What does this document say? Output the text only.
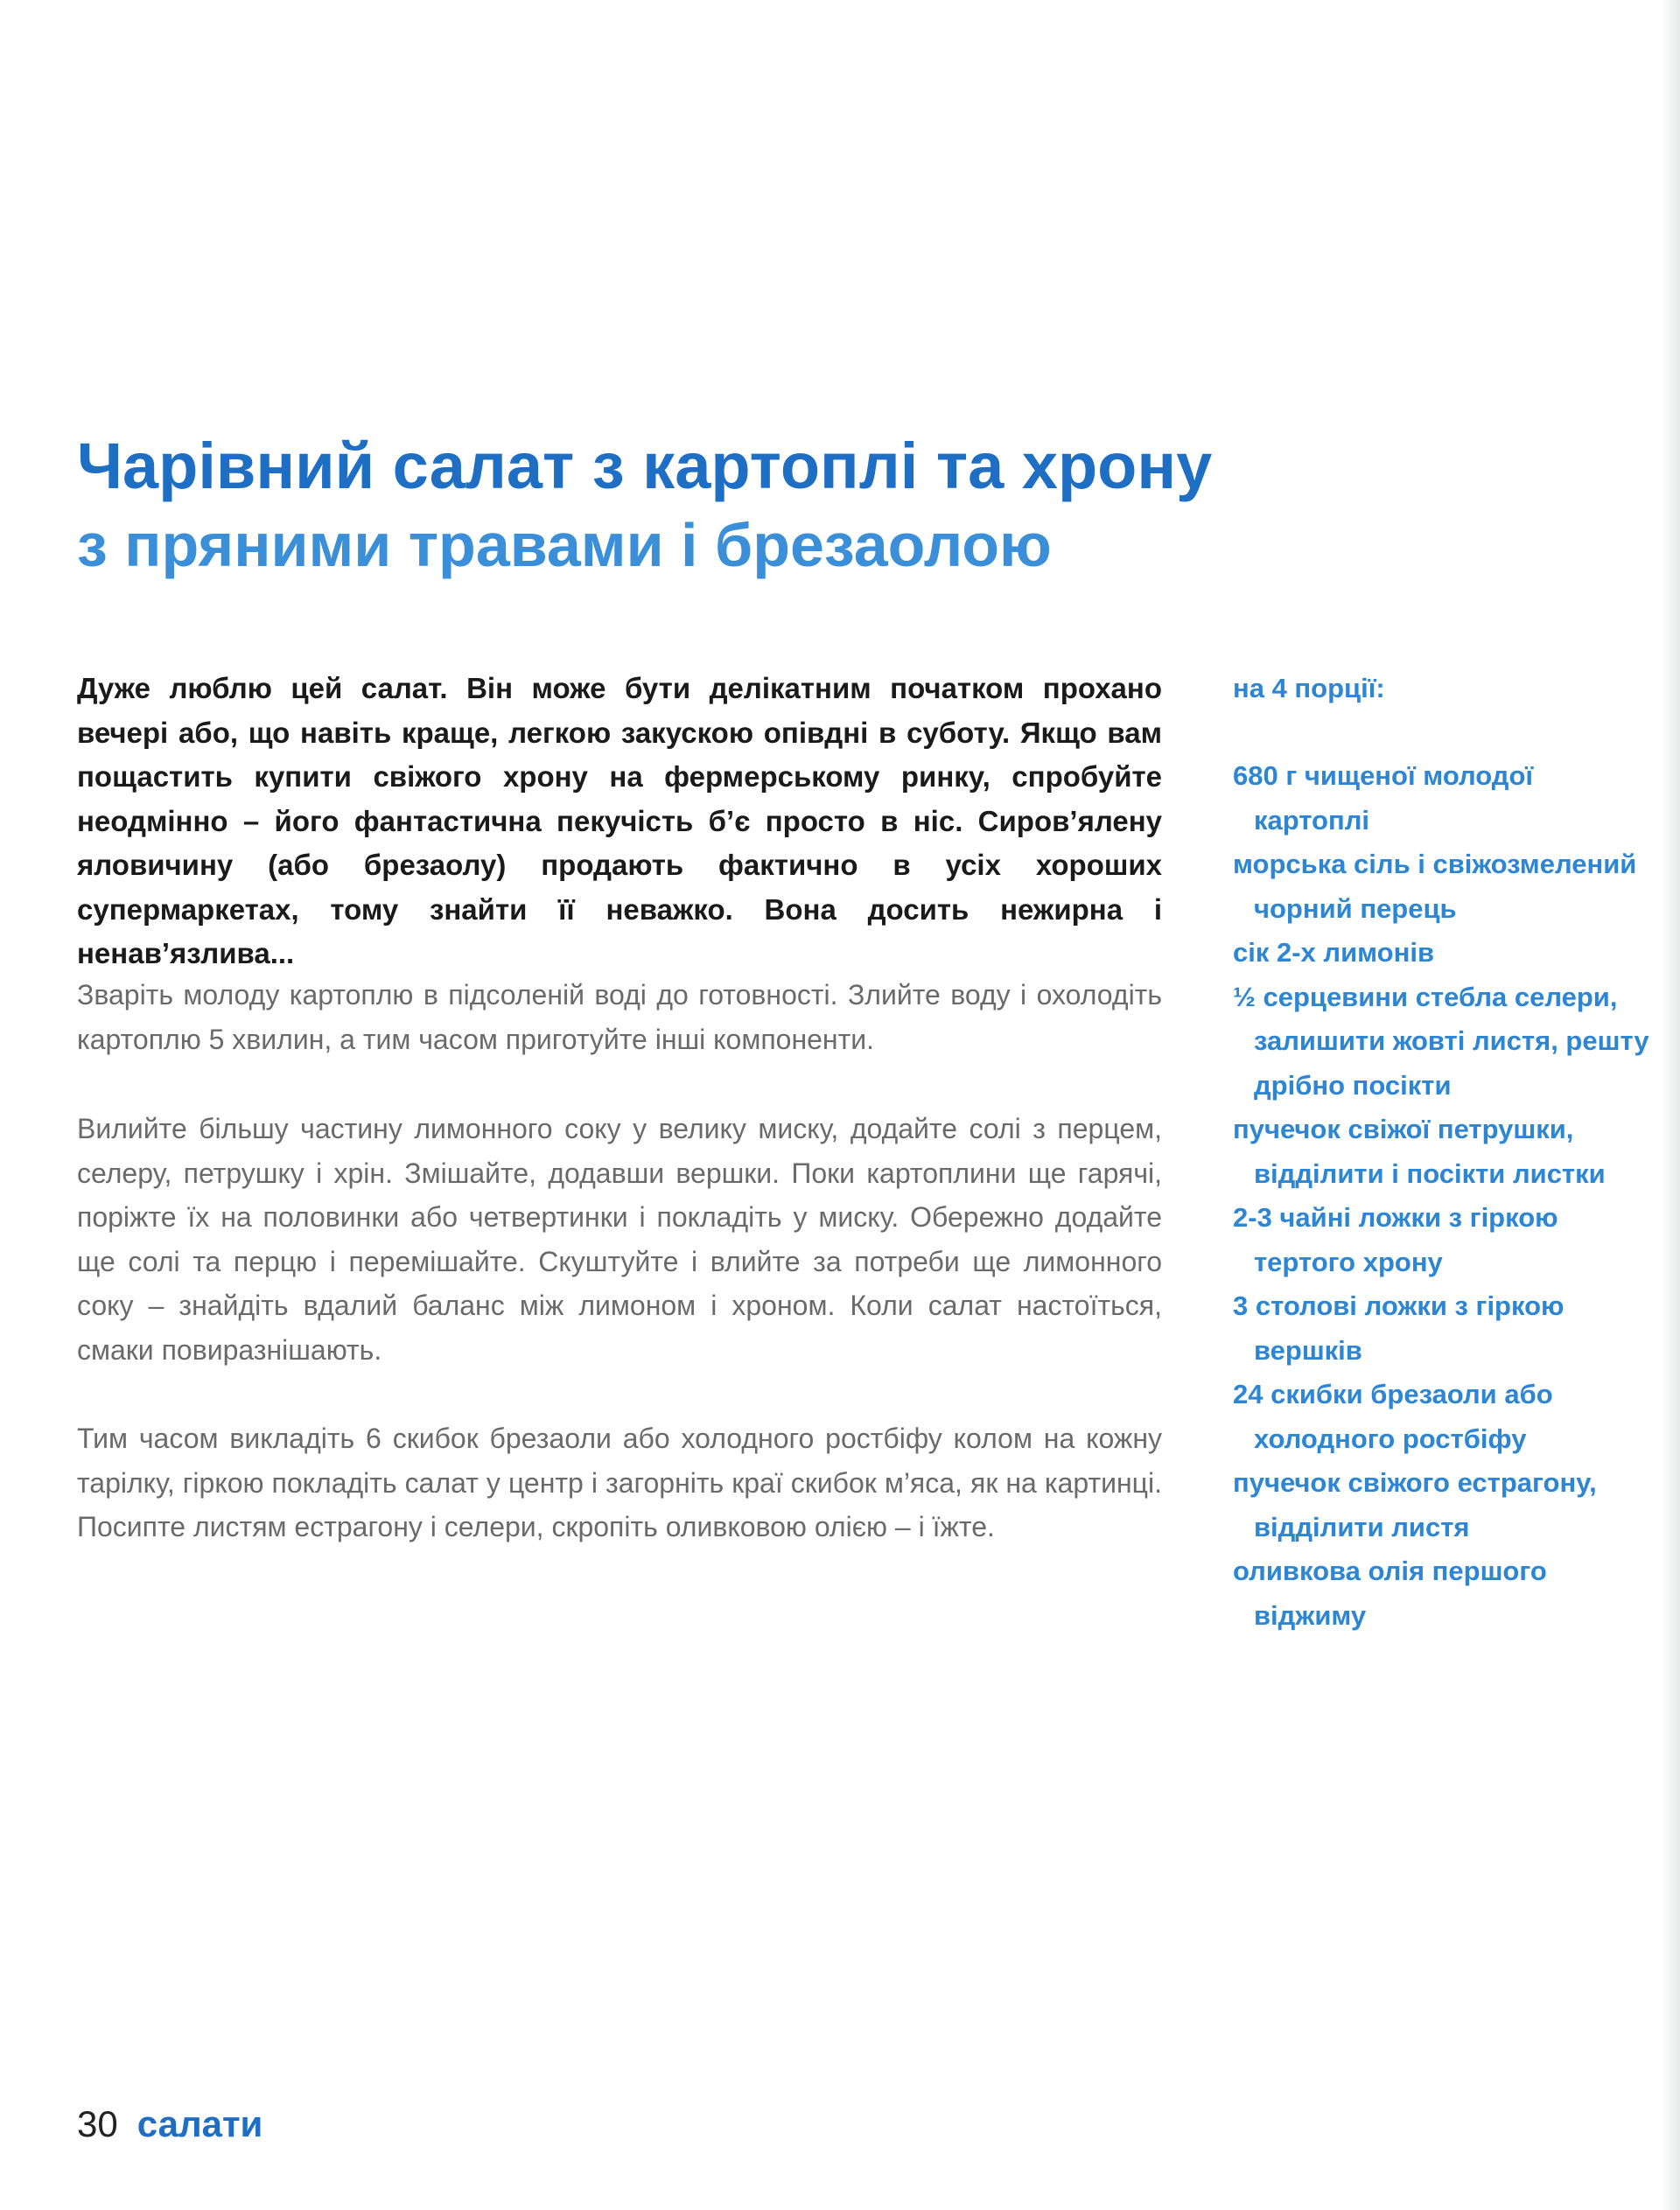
Чарівний салат з картоплі та хрону
з пряними травами і брезаолою

Дуже люблю цей салат. Він може бути делікатним початком прохано вечері або, що навіть краще, легкою закускою опівдні в суботу. Якщо вам пощастить купити свіжого хрону на фермерському ринку, спробуйте неодмінно – його фантастична пекучість б’є просто в ніс. Сиров’ялену яловичину (або брезаолу) продають фактично в усіх хороших супермаркетах, тому знайти її неважко. Вона досить нежирна і ненав’язлива...

Зваріть молоду картоплю в підсоленій воді до готовності. Злийте воду і охолодіть картоплю 5 хвилин, а тим часом приготуйте інші компоненти.

Вилийте більшу частину лимонного соку у велику миску, додайте солі з перцем, селеру, петрушку і хрін. Змішайте, додавши вершки. Поки картоплини ще гарячі, поріжте їх на половинки або четвертинки і покладіть у миску. Обережно додайте ще солі та перцю і перемішайте. Скуштуйте і влийте за потреби ще лимонного соку – знайдіть вдалий баланс між лимоном і хроном. Коли салат настоїться, смаки повиразнішають.

Тим часом викладіть 6 скибок брезаоли або холодного ростбіфу колом на кожну тарілку, гіркою покладіть салат у центр і загорніть краї скибок м’яса, як на картинці. Посипте листям естрагону і селери, скропіть оливковою олією – і їжте.

на 4 порції:
680 г чищеної молодої картоплі
морська сіль і свіжозмелений чорний перець
сік 2-х лимонів
½ серцевини стебла селери, залишити жовті листя, решту дрібно посікти
пучечок свіжої петрушки, відділити і посікти листки
2-3 чайні ложки з гіркою тертого хрону
3 столові ложки з гіркою вершків
24 скибки брезаоли або холодного ростбіфу
пучечок свіжого естрагону, відділити листя
оливкова олія першого віджиму
30 салати
